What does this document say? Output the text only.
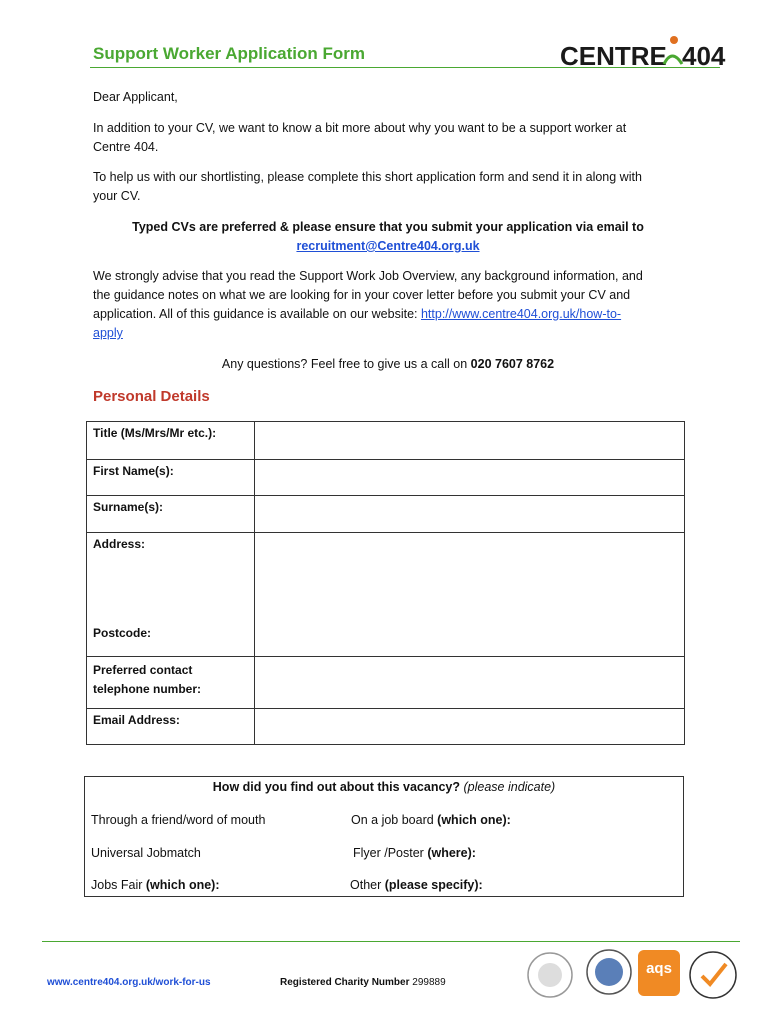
Support Worker Application Form	CENTRE 404
Dear Applicant,
In addition to your CV, we want to know a bit more about why you want to be a support worker at
Centre 404.
To help us with our shortlisting, please complete this short application form and send it in along with
your CV.
Typed CVs are preferred & please ensure that you submit your application via email to
recruitment@Centre404.org.uk
We strongly advise that you read the Support Work Job Overview, any background information, and
the guidance notes on what we are looking for in your cover letter before you submit your CV and
application. All of this guidance is available on our website: http://www.centre404.org.uk/how-to-
apply
Any questions? Feel free to give us a call on 020 7607 8762
Personal Details
Title (Ms/Mrs/Mr etc.):	
First Name(s):	
Surname(s):	

Address:
Postcode:	

Preferred contact
telephone number:	

Email Address:	
How did you find out about this vacancy? (please indicate)
Through a friend/word of mouth	On a job board (which one):
Universal Jobmatch	Flyer /Poster (where):
Jobs Fair (which one):	Other (please specify):
www.centre404.org.uk/work-for-us	Registered Charity Number 299889
aqs
